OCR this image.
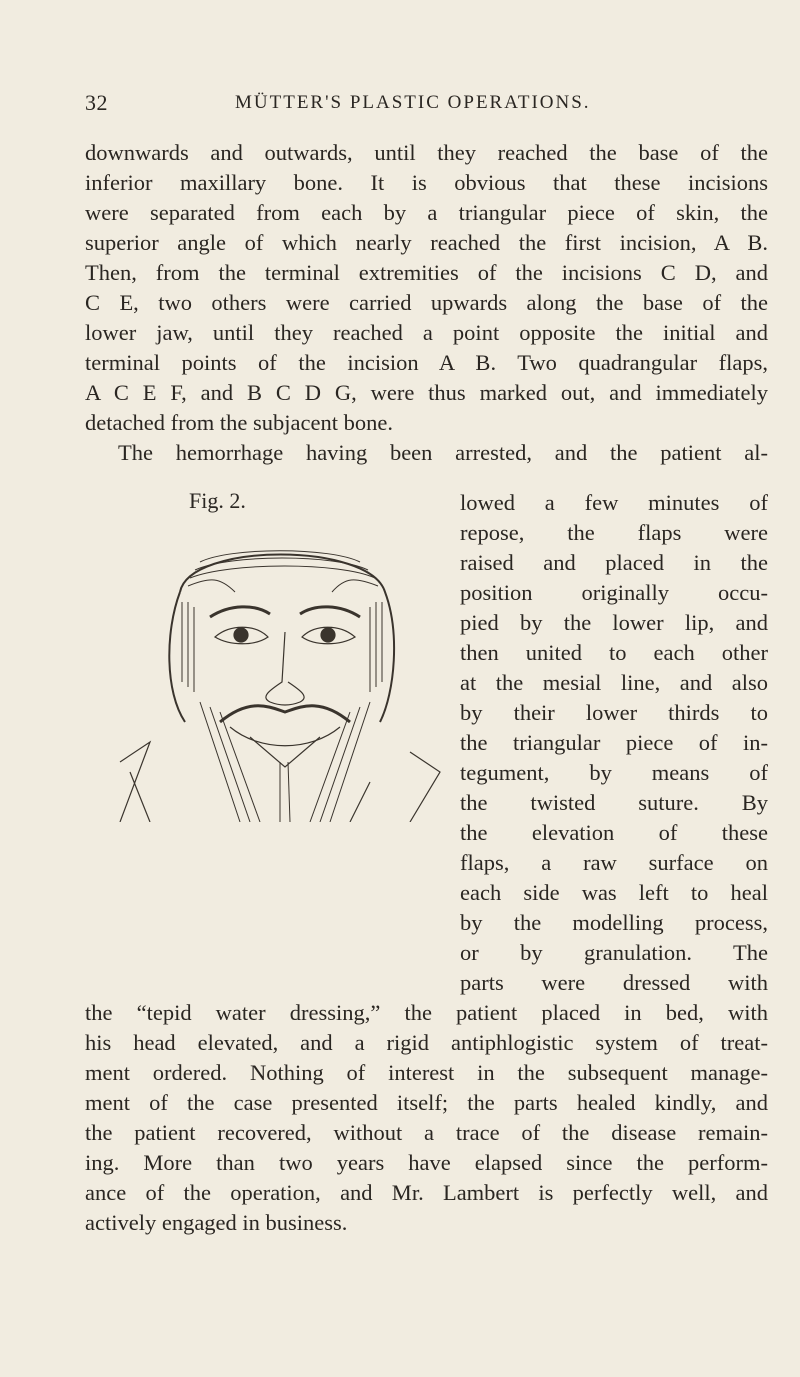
32	MÜTTER'S PLASTIC OPERATIONS.
downwards and outwards, until they reached the base of the
inferior maxillary bone. It is obvious that these incisions
were separated from each by a triangular piece of skin, the
superior angle of which nearly reached the first incision, A B.
Then, from the terminal extremities of the incisions C D, and
C E, two others were carried upwards along the base of the
lower jaw, until they reached a point opposite the initial and
terminal points of the incision A B. Two quadrangular flaps,
A C E F, and B C D G, were thus marked out, and immediately
detached from the subjacent bone.
The hemorrhage having been arrested, and the patient al-
Fig. 2.	lowed a few minutes of
repose, the flaps were
raised and placed in the
position originally occu-
pied by the lower lip, and
then united to each other
at the mesial line, and also
by their lower thirds to
the triangular piece of in-
tegument, by means of
the twisted suture. By
the elevation of these
flaps, a raw surface on
each side was left to heal
by the modelling process,
or by granulation. The
parts were dressed with
the “tepid water dressing,” the patient placed in bed, with
his head elevated, and a rigid antiphlogistic system of treat-
ment ordered. Nothing of interest in the subsequent manage-
ment of the case presented itself; the parts healed kindly, and
the patient recovered, without a trace of the disease remain-
ing. More than two years have elapsed since the perform-
ance of the operation, and Mr. Lambert is perfectly well, and
actively engaged in business.
